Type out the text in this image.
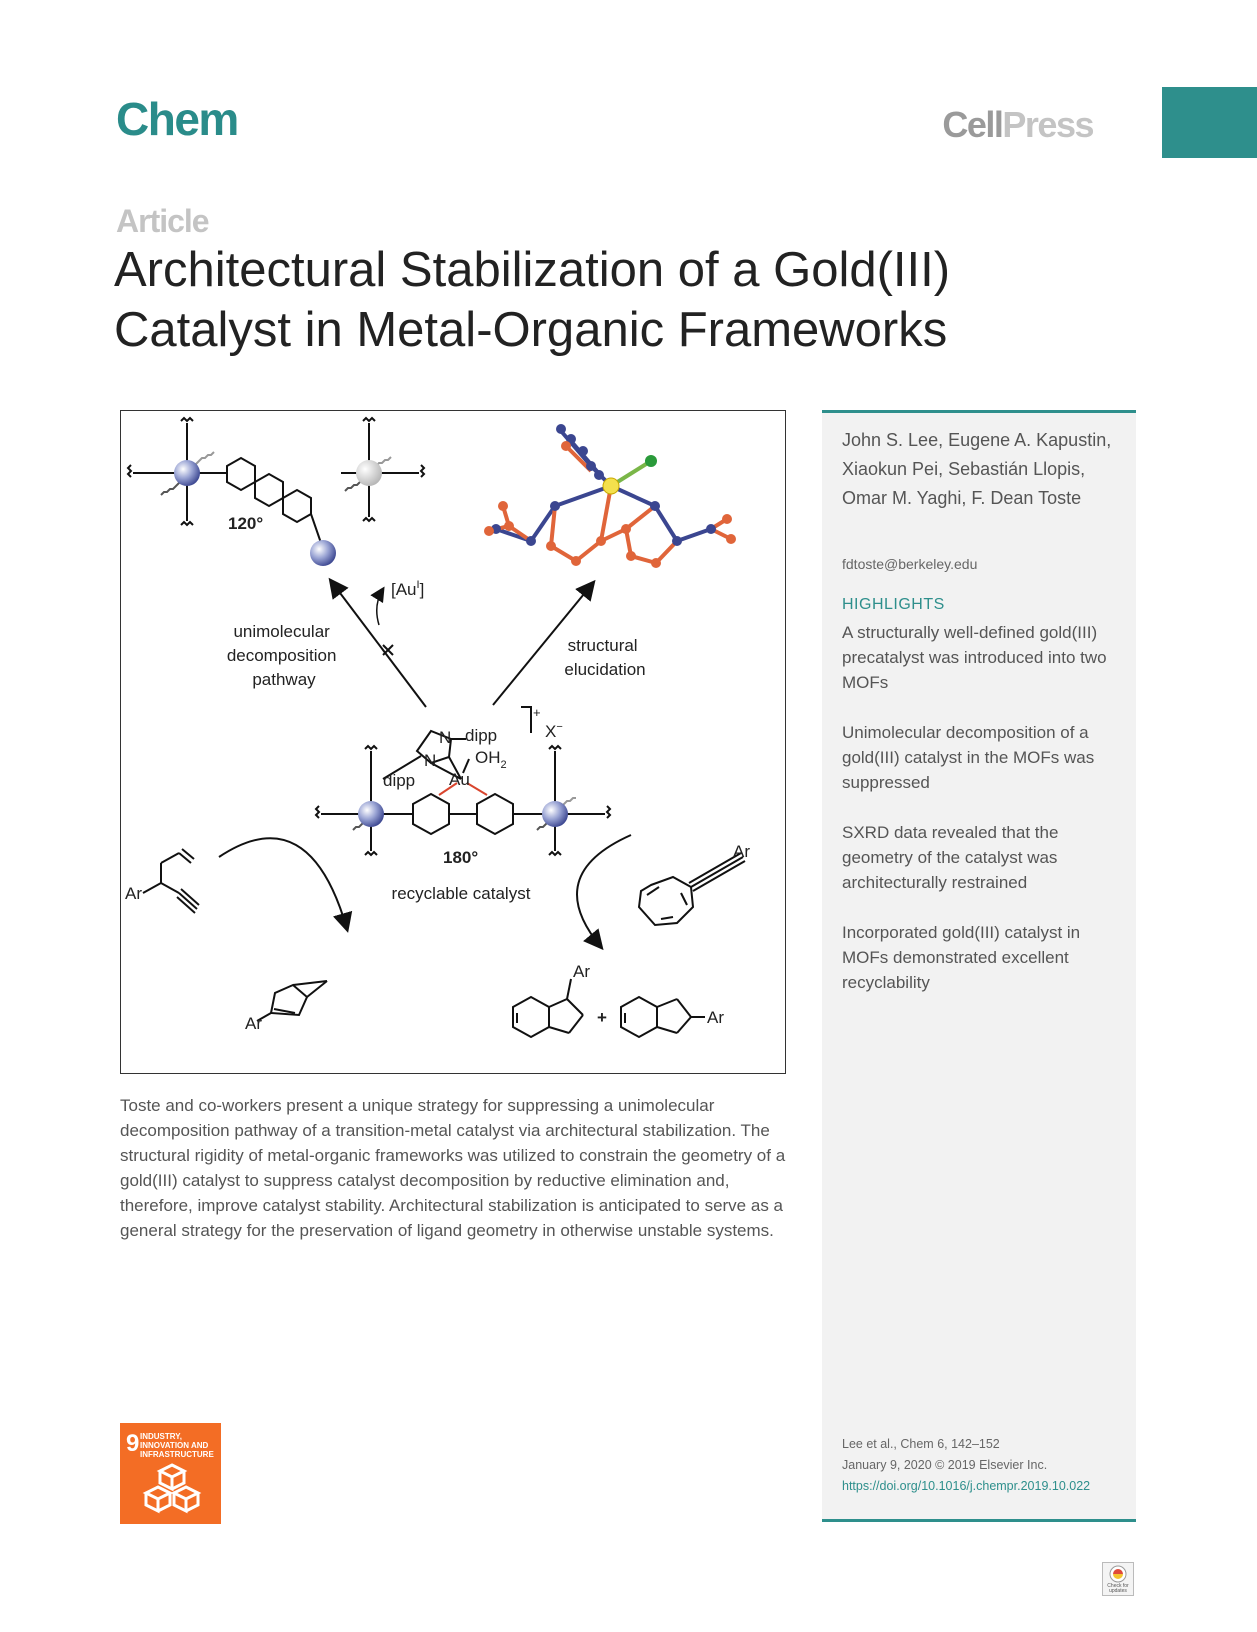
Chem	CellPress
Article
Architectural Stabilization of a Gold(III) Catalyst in Metal-Organic Frameworks
120°
$[Au^I]$
unimolecular decomposition pathway
structural elucidation
N
N
dipp
dipp
$OH_2$
Au
+
X−
180°
recyclable catalyst
Ar
Ar
Ar
Ar
+	Ar
Toste and co-workers present a unique strategy for suppressing a unimolecular decomposition pathway of a transition-metal catalyst via architectural stabilization. The structural rigidity of metal-organic frameworks was utilized to constrain the geometry of a gold(III) catalyst to suppress catalyst decomposition by reductive elimination and, therefore, improve catalyst stability. Architectural stabilization is anticipated to serve as a general strategy for the preservation of ligand geometry in otherwise unstable systems.
9 INDUSTRY, INNOVATION AND INFRASTRUCTURE
John S. Lee, Eugene A. Kapustin, Xiaokun Pei, Sebastián Llopis, Omar M. Yaghi, F. Dean Toste
fdtoste@berkeley.edu
HIGHLIGHTS
A structurally well-defined gold(III) precatalyst was introduced into two MOFs
Unimolecular decomposition of a gold(III) catalyst in the MOFs was suppressed
SXRD data revealed that the geometry of the catalyst was architecturally restrained
Incorporated gold(III) catalyst in MOFs demonstrated excellent recyclability
Lee et al., Chem 6, 142–152
January 9, 2020 © 2019 Elsevier Inc.
https://doi.org/10.1016/j.chempr.2019.10.022
Check for updates
